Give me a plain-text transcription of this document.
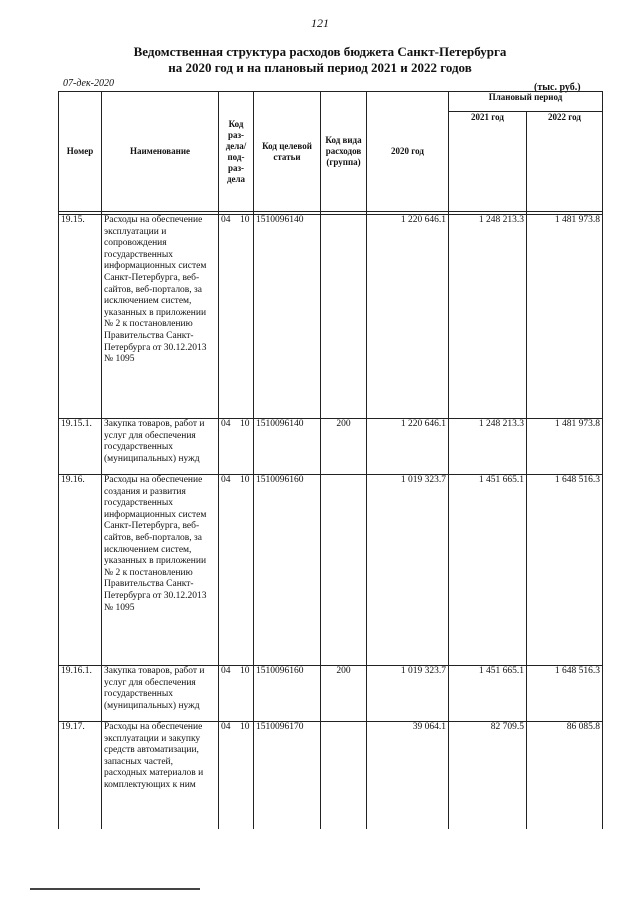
121
Ведомственная структура расходов бюджета Санкт-Петербурга
на 2020 год и на плановый период 2021 и 2022 годов
07-дек-2020	(тыс. руб.)
Номер	Наименование	Код раз- дела/ под- раз- дела	Код целевой статьи	Код вида расходов (группа)	2020 год	Плановый период	
						2021 год	2022 год

19.15.	Расходы на обеспечение эксплуатации и сопровождения государственных информационных систем Санкт-Петербурга, веб-сайтов, веб-порталов, за исключением систем, указанных в приложении № 2 к постановлению Правительства Санкт-Петербурга от 30.12.2013 № 1095	04 10	1510096140		1 220 646.1	1 248 213.3	1 481 973.8
19.15.1.	Закупка товаров, работ и услуг для обеспечения государственных (муниципальных) нужд	04 10	1510096140	200	1 220 646.1	1 248 213.3	1 481 973.8
19.16.	Расходы на обеспечение создания и развития государственных информационных систем Санкт-Петербурга, веб-сайтов, веб-порталов, за исключением систем, указанных в приложении № 2 к постановлению Правительства Санкт-Петербурга от 30.12.2013 № 1095	04 10	1510096160		1 019 323.7	1 451 665.1	1 648 516.3
19.16.1.	Закупка товаров, работ и услуг для обеспечения государственных (муниципальных) нужд	04 10	1510096160	200	1 019 323.7	1 451 665.1	1 648 516.3
19.17.	Расходы на обеспечение эксплуатации и закупку средств автоматизации, запасных частей, расходных материалов и комплектующих к ним	04 10	1510096170		39 064.1	82 709.5	86 085.8
